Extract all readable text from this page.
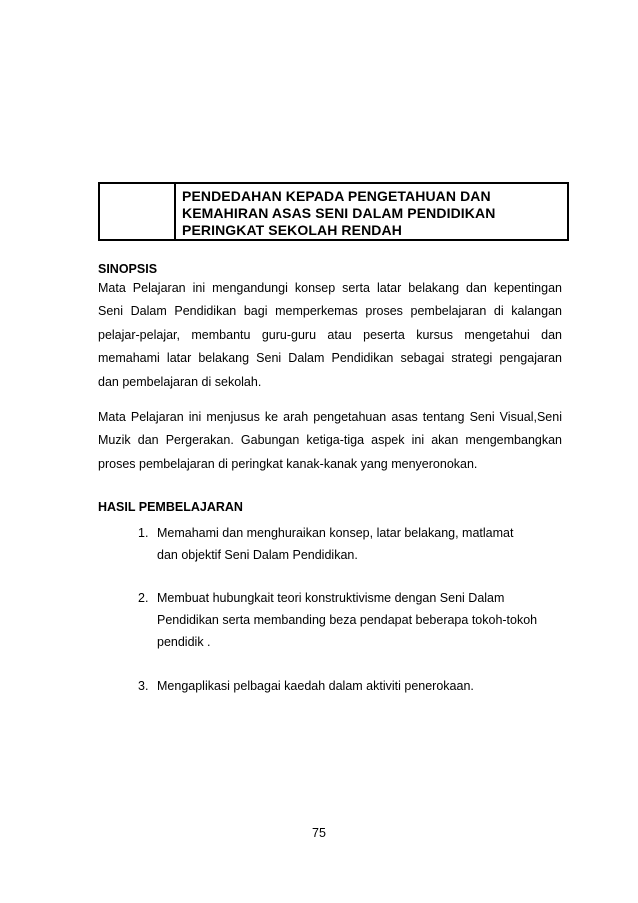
PENDEDAHAN KEPADA PENGETAHUAN DAN
KEMAHIRAN ASAS SENI DALAM PENDIDIKAN
PERINGKAT SEKOLAH RENDAH
SINOPSIS
Mata Pelajaran ini mengandungi konsep serta latar belakang dan kepentingan
Seni Dalam Pendidikan bagi memperkemas proses pembelajaran di kalangan
pelajar-pelajar, membantu guru-guru atau peserta kursus mengetahui dan
memahami latar belakang Seni Dalam Pendidikan sebagai strategi pengajaran
dan pembelajaran di sekolah.
Mata Pelajaran ini menjusus ke arah pengetahuan asas tentang Seni Visual,Seni
Muzik dan Pergerakan. Gabungan ketiga-tiga aspek ini akan mengembangkan
proses pembelajaran di peringkat kanak-kanak yang menyeronokan.
HASIL PEMBELAJARAN
1. Memahami dan menghuraikan konsep, latar belakang, matlamat
dan objektif Seni Dalam Pendidikan.
2. Membuat hubungkait teori konstruktivisme dengan Seni Dalam
Pendidikan serta membanding beza pendapat beberapa tokoh-tokoh
pendidik .
3. Mengaplikasi pelbagai kaedah dalam aktiviti penerokaan.
75
